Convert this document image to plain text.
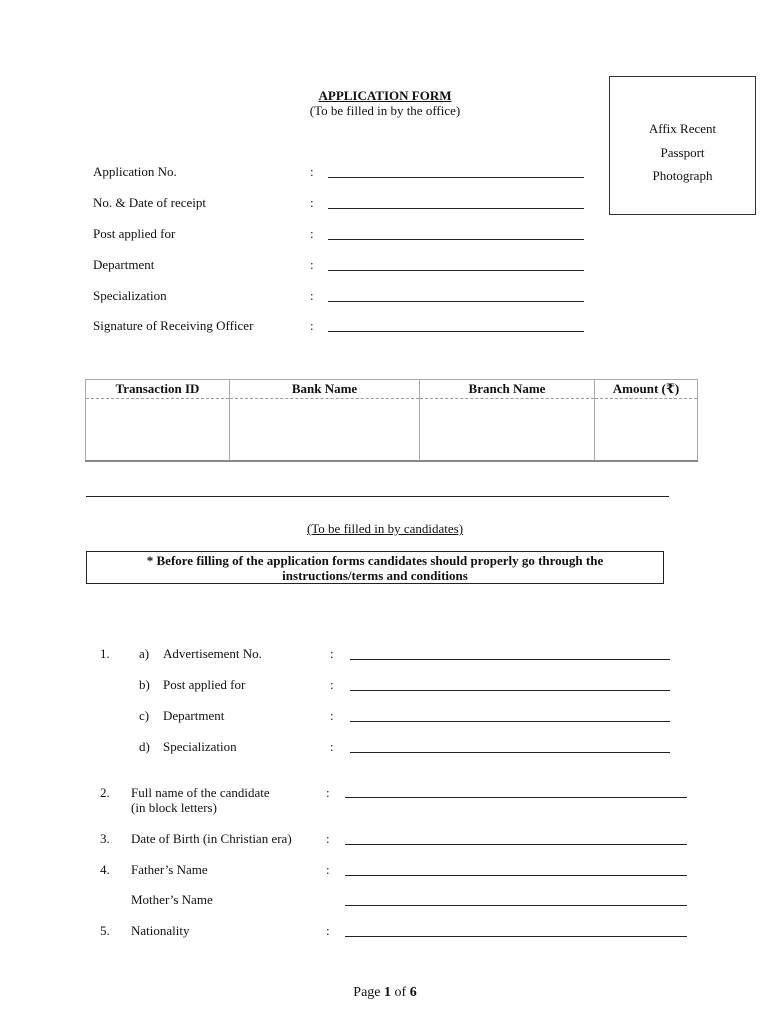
APPLICATION FORM
(To be filled in by the office)
Affix Recent
Passport
Photograph
Application No.	:
No. & Date of receipt	:
Post applied for	:
Department	:
Specialization	:
Signature of Receiving Officer	:
Transaction ID	Bank Name	Branch Name	Amount (₹)

(To be filled in by candidates)
* Before filling of the application forms candidates should properly go through the
instructions/terms and conditions
1. a) Advertisement No.	:
b) Post applied for	:
c) Department	:
d) Specialization	:
2. Full name of the candidate
(in block letters)
:
3. Date of Birth (in Christian era)	:
4. Father’s Name	:
Mother’s Name
5. Nationality	:
Page 1 of 6
